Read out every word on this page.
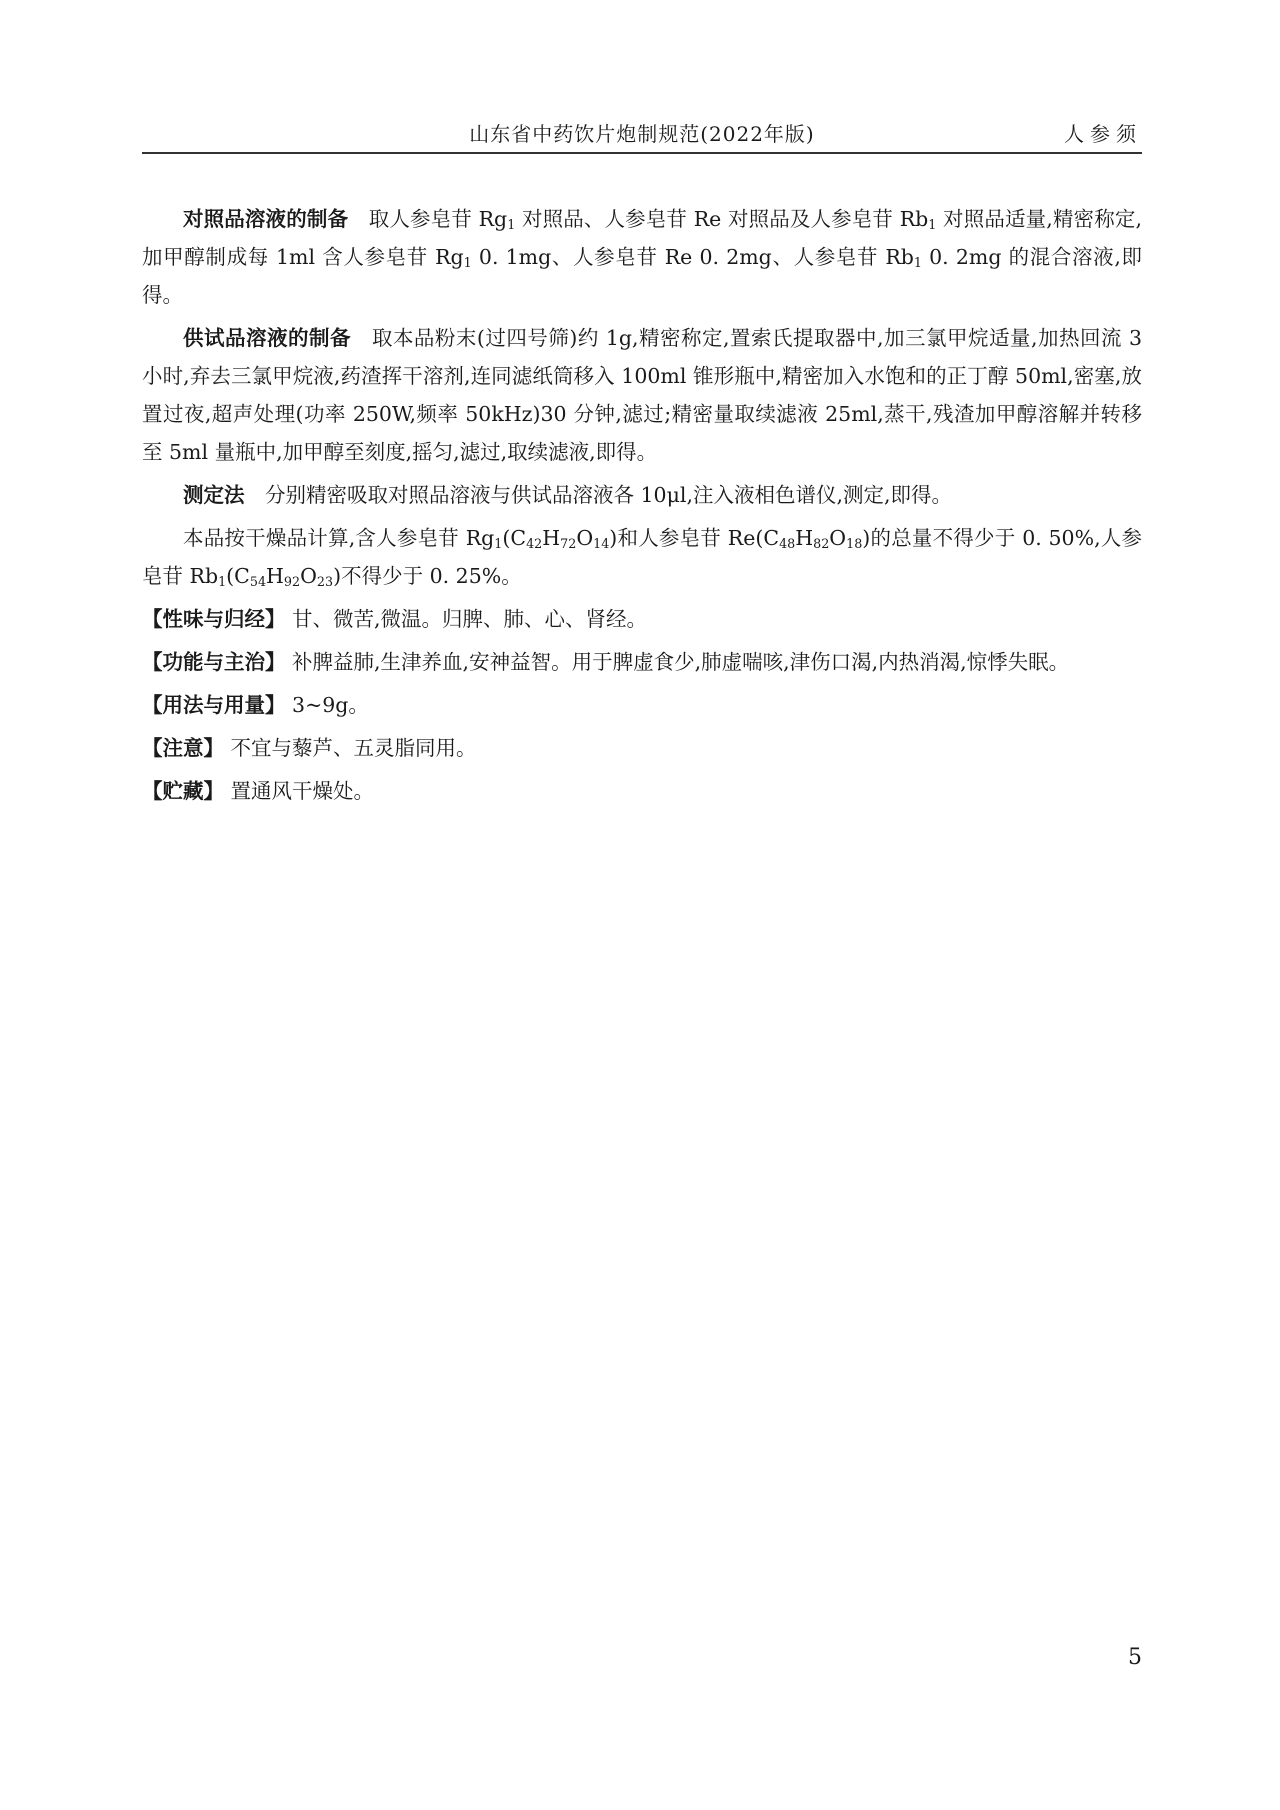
山东省中药饮片炮制规范(2022年版)	人参须

对照品溶液的制备 取人参皂苷 $Rg_1$ 对照品、人参皂苷 Re 对照品及人参皂苷 $Rb_1$ 对照品适量,精密称定,加甲醇制成每 1ml 含人参皂苷 $Rg_1$ 0. 1mg、人参皂苷 Re 0. 2mg、人参皂苷 $Rb_1$ 0. 2mg 的混合溶液,即得。

供试品溶液的制备 取本品粉末(过四号筛)约 1g,精密称定,置索氏提取器中,加三氯甲烷适量,加热回流 3 小时,弃去三氯甲烷液,药渣挥干溶剂,连同滤纸筒移入 100ml 锥形瓶中,精密加入水饱和的正丁醇 50ml,密塞,放置过夜,超声处理(功率 250W,频率 50kHz)30 分钟,滤过;精密量取续滤液 25ml,蒸干,残渣加甲醇溶解并转移至 5ml 量瓶中,加甲醇至刻度,摇匀,滤过,取续滤液,即得。

测定法 分别精密吸取对照品溶液与供试品溶液各 10μl,注入液相色谱仪,测定,即得。

本品按干燥品计算,含人参皂苷 $Rg_1(C_{42}H_{72}O_{14})$和人参皂苷 $Re(C_{48}H_{82}O_{18})$的总量不得少于 0. 50%,人参皂苷 $Rb_1(C_{54}H_{92}O_{23})$不得少于 0. 25%。

【性味与归经】 甘、微苦,微温。归脾、肺、心、肾经。

【功能与主治】 补脾益肺,生津养血,安神益智。用于脾虚食少,肺虚喘咳,津伤口渴,内热消渴,惊悸失眠。

【用法与用量】 3~9g。

【注意】 不宜与藜芦、五灵脂同用。

【贮藏】 置通风干燥处。

5
